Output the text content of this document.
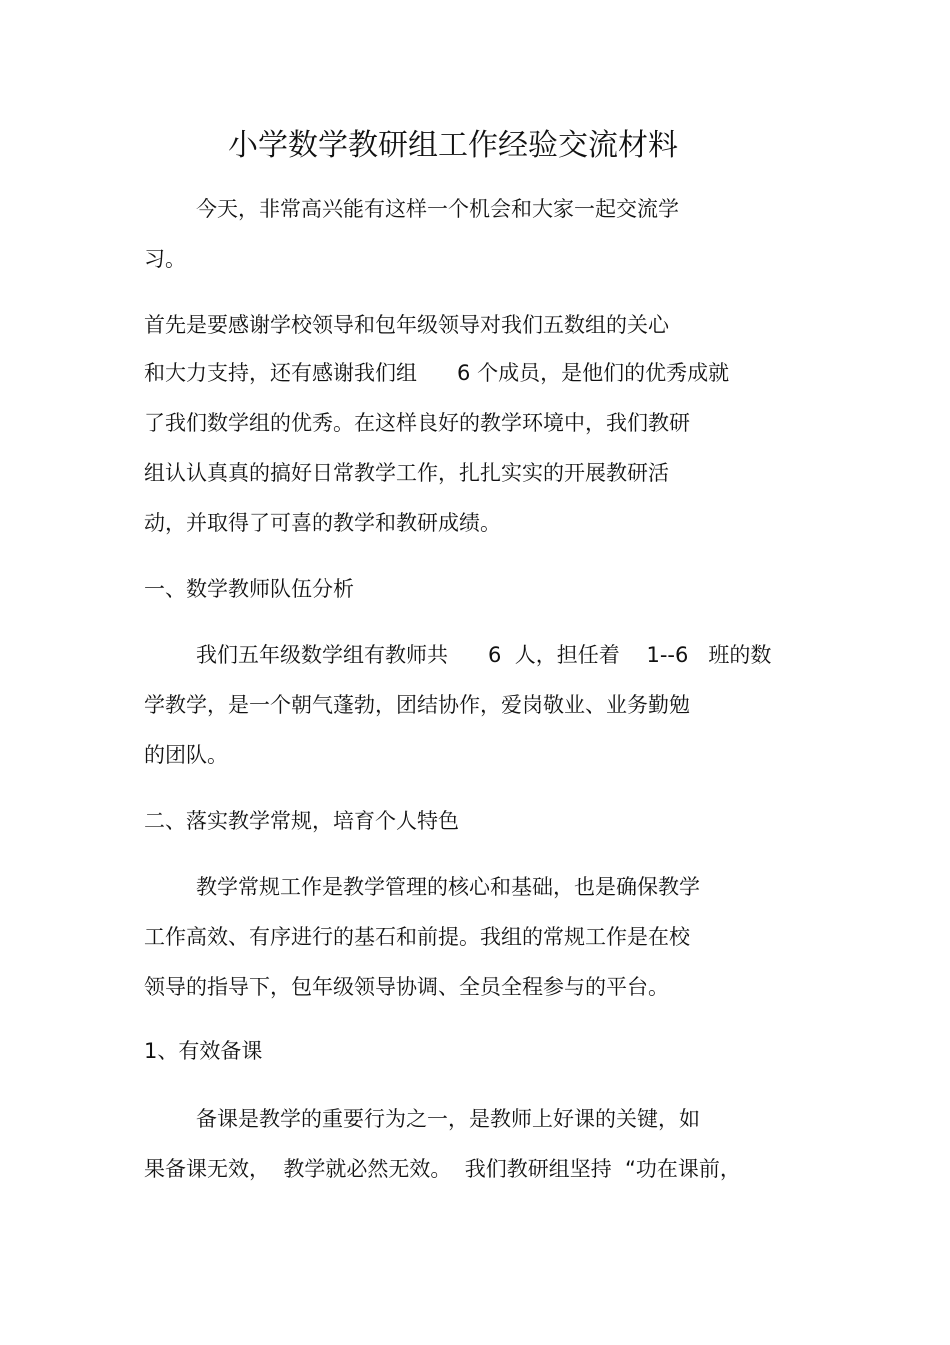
小学数学教研组工作经验交流材料
今天，非常高兴能有这样一个机会和大家一起交流学
习。
首先是要感谢学校领导和包年级领导对我们五数组的关心
和大力支持，还有感谢我们组      6 个成员，是他们的优秀成就
了我们数学组的优秀。在这样良好的教学环境中，我们教研
组认认真真的搞好日常教学工作，扎扎实实的开展教研活
动，并取得了可喜的教学和教研成绩。
一、数学教师队伍分析
我们五年级数学组有教师共      6  人，担任着    1--6   班的数
学教学，是一个朝气蓬勃，团结协作，爱岗敬业、业务勤勉
的团队。
二、落实教学常规，培育个人特色
教学常规工作是教学管理的核心和基础，也是确保教学
工作高效、有序进行的基石和前提。我组的常规工作是在校
领导的指导下，包年级领导协调、全员全程参与的平台。
1、有效备课
备课是教学的重要行为之一，是教师上好课的关键，如
果备课无效，  教学就必然无效。  我们教研组坚持  “功在课前，
